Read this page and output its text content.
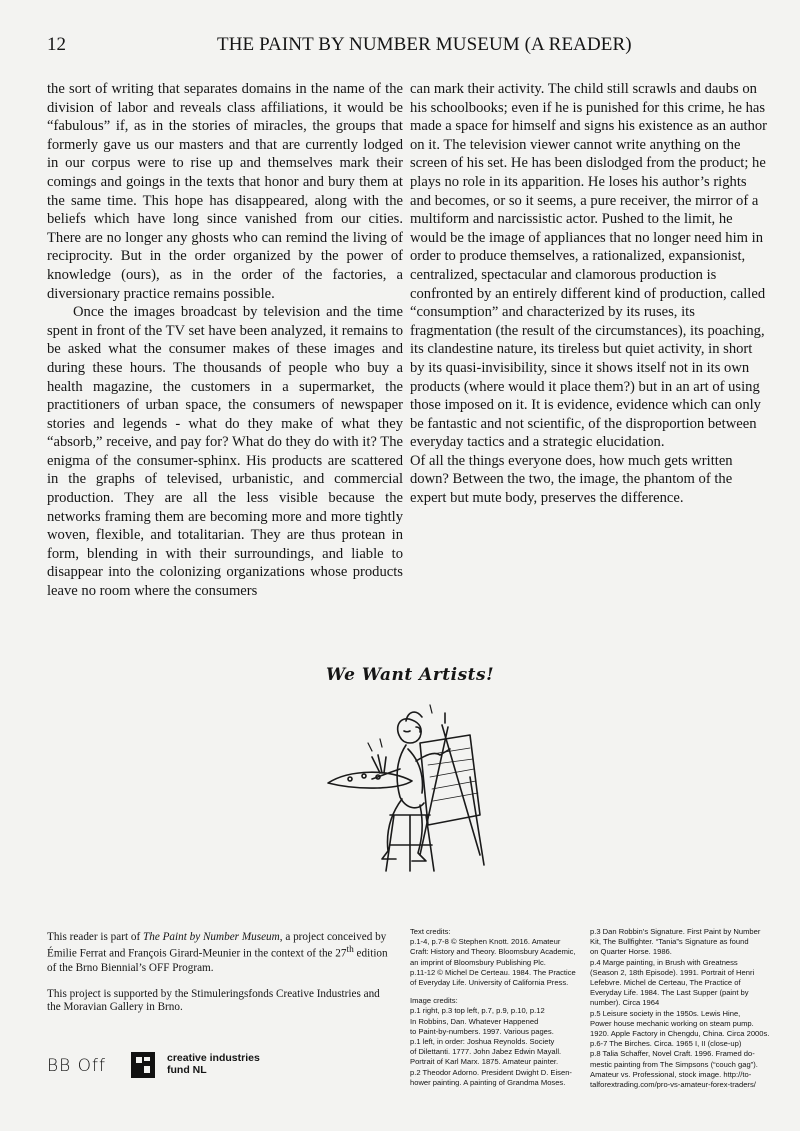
12	THE PAINT BY NUMBER MUSEUM (A READER)

the sort of writing that separates domains in the name of the division of labor and reveals class affiliations, it would be “fabulous” if, as in the stories of miracles, the groups that formerly gave us our masters and that are currently lodged in our corpus were to rise up and themselves mark their comings and goings in the texts that honor and bury them at the same time. This hope has disappeared, along with the beliefs which have long since vanished from our cities. There are no longer any ghosts who can remind the living of reciprocity. But in the order organized by the power of knowledge (ours), as in the order of the factories, a diversionary practice remains possible.

Once the images broadcast by television and the time spent in front of the TV set have been analyzed, it remains to be asked what the consumer makes of these images and during these hours. The thousands of people who buy a health magazine, the customers in a supermarket, the practitioners of urban space, the consumers of newspaper stories and legends - what do they make of what they “absorb,” receive, and pay for? What do they do with it? The enigma of the consumer-sphinx. His products are scattered in the graphs of televised, urbanistic, and commercial production. They are all the less visible because the networks framing them are becoming more and more tightly woven, flexible, and totalitarian. They are thus protean in form, blending in with their surroundings, and liable to disappear into the colonizing organizations whose products leave no room where the consumers

can mark their activity. The child still scrawls and daubs on his schoolbooks; even if he is punished for this crime, he has made a space for himself and signs his existence as an author on it. The television viewer cannot write anything on the screen of his set. He has been dislodged from the product; he plays no role in its apparition. He loses his author’s rights and becomes, or so it seems, a pure receiver, the mirror of a multiform and narcissistic actor. Pushed to the limit, he would be the image of appliances that no longer need him in order to produce themselves, a rationalized, expansionist, centralized, spectacular and clamorous production is confronted by an entirely different kind of production, called “consumption” and characterized by its ruses, its fragmentation (the result of the circumstances), its poaching, its clandestine nature, its tireless but quiet activity, in short by its quasi-invisibility, since it shows itself not in its own products (where would it place them?) but in an art of using those imposed on it. It is evidence, evidence which can only be fantastic and not scientific, of the disproportion between everyday tactics and a strategic elucidation.

Of all the things everyone does, how much gets written down? Between the two, the image, the phantom of the expert but mute body, preserves the difference.

We Want Artists!

This reader is part of The Paint by Number Museum, a project conceived by Émilie Ferrat and François Girard-Meunier in the context of the 27th edition of the Brno Biennial’s OFF Program.

This project is supported by the Stimuleringsfonds Creative Industries and the Moravian Gallery in Brno.

Text credits:
p.1-4, p.7-8 © Stephen Knott. 2016. Amateur
Craft: History and Theory. Bloomsbury Academic,
an imprint of Bloomsbury Publishing Plc.
p.11-12 © Michel De Certeau. 1984. The Practice
of Everyday Life. University of California Press.
Image credits:
p.1 right, p.3 top left, p.7, p.9, p.10, p.12
In Robbins, Dan. Whatever Happened
to Paint-by-numbers. 1997. Various pages.
p.1 left, in order: Joshua Reynolds. Society
of Dilettanti. 1777. John Jabez Edwin Mayall.
Portrait of Karl Marx. 1875. Amateur painter.
p.2 Theodor Adorno. President Dwight D. Eisen-
hower painting. A painting of Grandma Moses.
p.3 Dan Robbin’s Signature. First Paint by Number
Kit, The Bullfighter. “Tania”s Signature as found
on Quarter Horse. 1986.
p.4 Marge painting, in Brush with Greatness
(Season 2, 18th Episode). 1991. Portrait of Henri
Lefebvre. Michel de Certeau, The Practice of
Everyday Life. 1984. The Last Supper (paint by
number). Circa 1964
p.5 Leisure society in the 1950s. Lewis Hine,
Power house mechanic working on steam pump.
1920. Apple Factory in Chengdu, China. Circa 2000s.
p.6-7 The Birches. Circa. 1965 I, II (close-up)
p.8 Talia Schaffer, Novel Craft. 1996. Framed do-
mestic painting from The Simpsons (“couch gag”).
Amateur vs. Professional, stock image. http://to-
talforextrading.com/pro-vs-amateur-forex-traders/
BB Off	creative industries
fund NL
